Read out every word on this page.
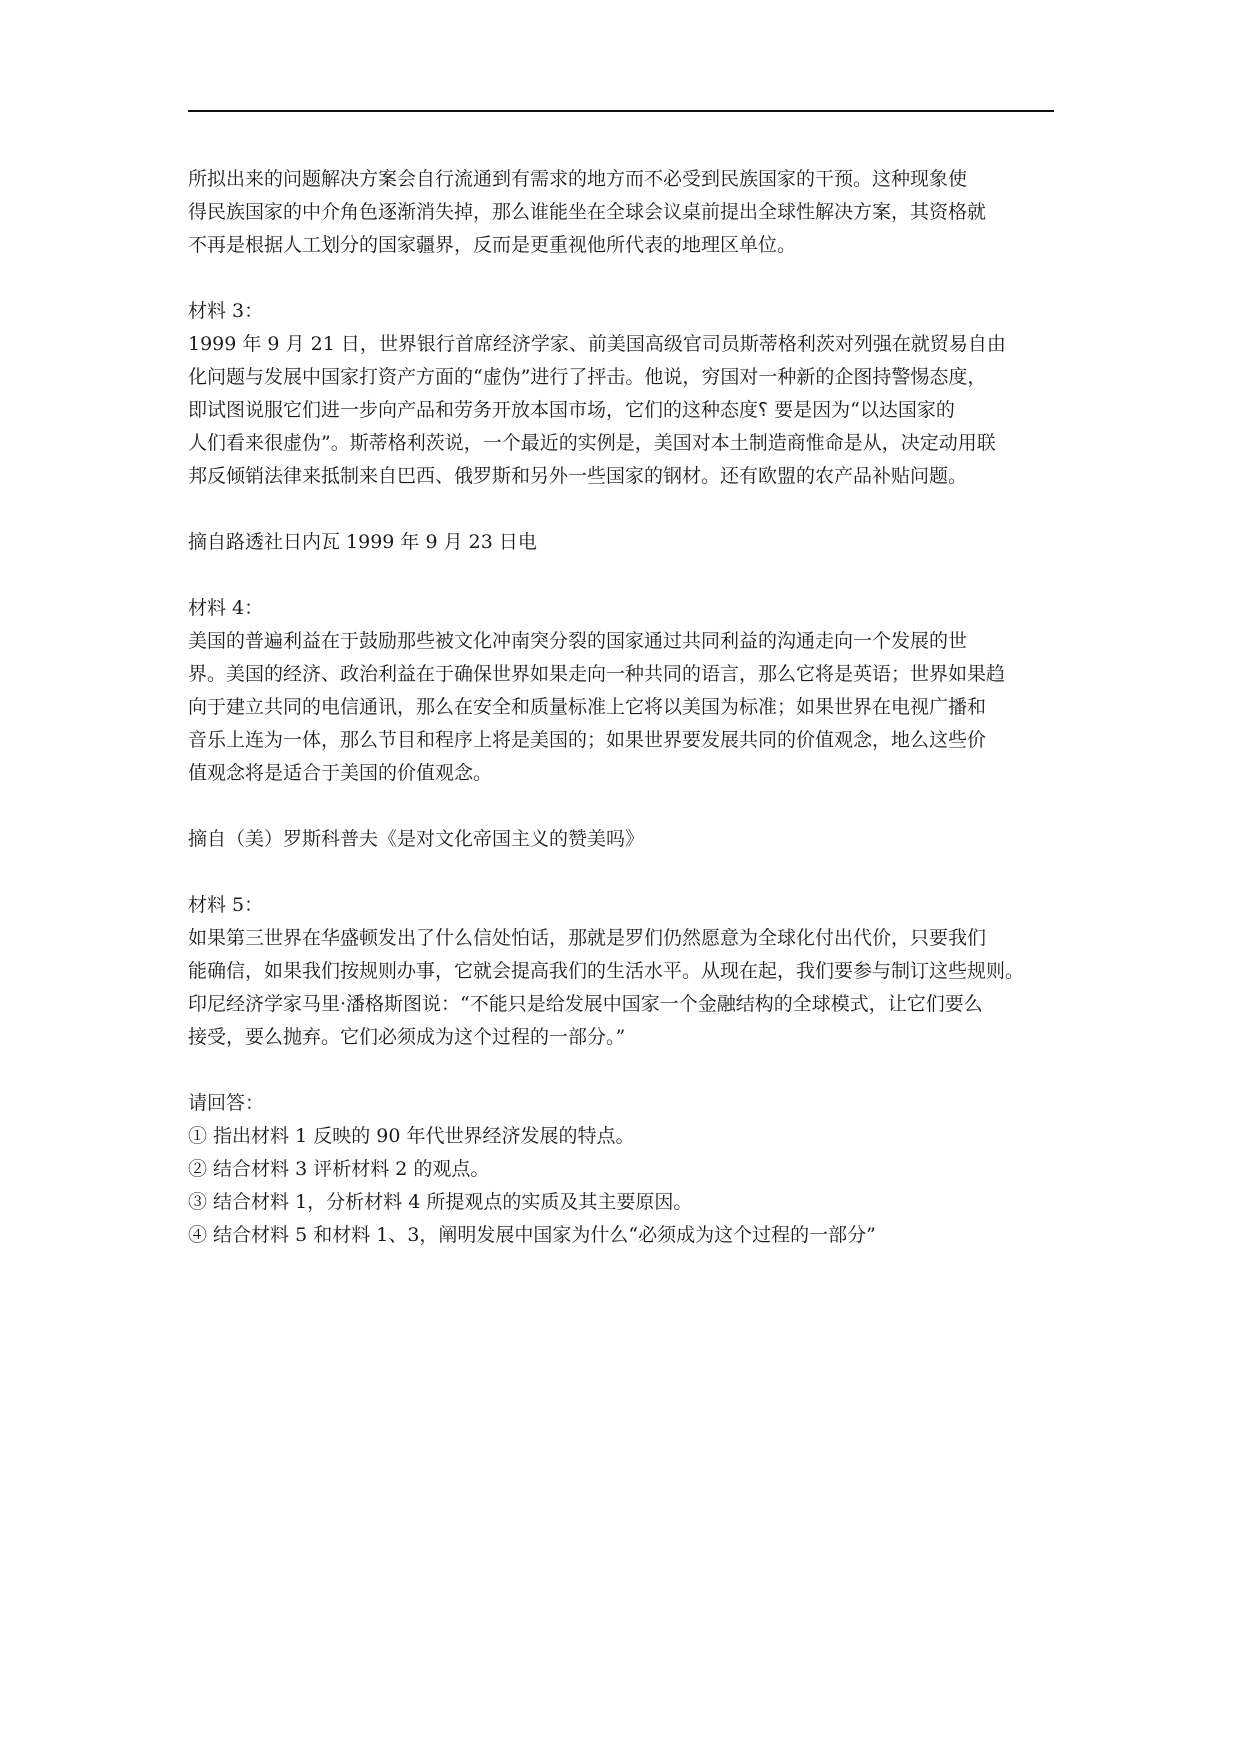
所拟出来的问题解决方案会自行流通到有需求的地方而不必受到民族国家的干预。这种现象使
得民族国家的中介角色逐渐消失掉，那么谁能坐在全球会议桌前提出全球性解决方案，其资格就
不再是根据人工划分的国家疆界，反而是更重视他所代表的地理区单位。
材料 3：
1999 年 9 月 21 日，世界银行首席经济学家、前美国高级官司员斯蒂格利茨对列强在就贸易自由
化问题与发展中国家打资产方面的“虚伪”进行了抨击。他说，穷国对一种新的企图持警惕态度，
即试图说服它们进一步向产品和劳务开放本国市场，它们的这种态度؟ 要是因为“以达国家的
人们看来很虚伪”。斯蒂格利茨说，一个最近的实例是，美国对本土制造商惟命是从，决定动用联
邦反倾销法律来抵制来自巴西、俄罗斯和另外一些国家的钢材。还有欧盟的农产品补贴问题。
摘自路透社日内瓦 1999 年 9 月 23 日电
材料 4：
美国的普遍利益在于鼓励那些被文化冲南突分裂的国家通过共同利益的沟通走向一个发展的世
界。美国的经济、政治利益在于确保世界如果走向一种共同的语言，那么它将是英语；世界如果趋
向于建立共同的电信通讯，那么在安全和质量标准上它将以美国为标准；如果世界在电视广播和
音乐上连为一体，那么节目和程序上将是美国的；如果世界要发展共同的价值观念，地么这些价
值观念将是适合于美国的价值观念。
摘自（美）罗斯科普夫《是对文化帝国主义的赞美吗》
材料 5：
如果第三世界在华盛顿发出了什么信处怕话，那就是罗们仍然愿意为全球化付出代价，只要我们
能确信，如果我们按规则办事，它就会提高我们的生活水平。从现在起，我们要参与制订这些规则。
印尼经济学家马里·潘格斯图说：“不能只是给发展中国家一个金融结构的全球模式，让它们要么
接受，要么抛弃。它们必须成为这个过程的一部分。”
请回答：
① 指出材料 1 反映的 90 年代世界经济发展的特点。
② 结合材料 3 评析材料 2 的观点。
③ 结合材料 1，分析材料 4 所提观点的实质及其主要原因。
④ 结合材料 5 和材料 1、3，阐明发展中国家为什么“必须成为这个过程的一部分”
